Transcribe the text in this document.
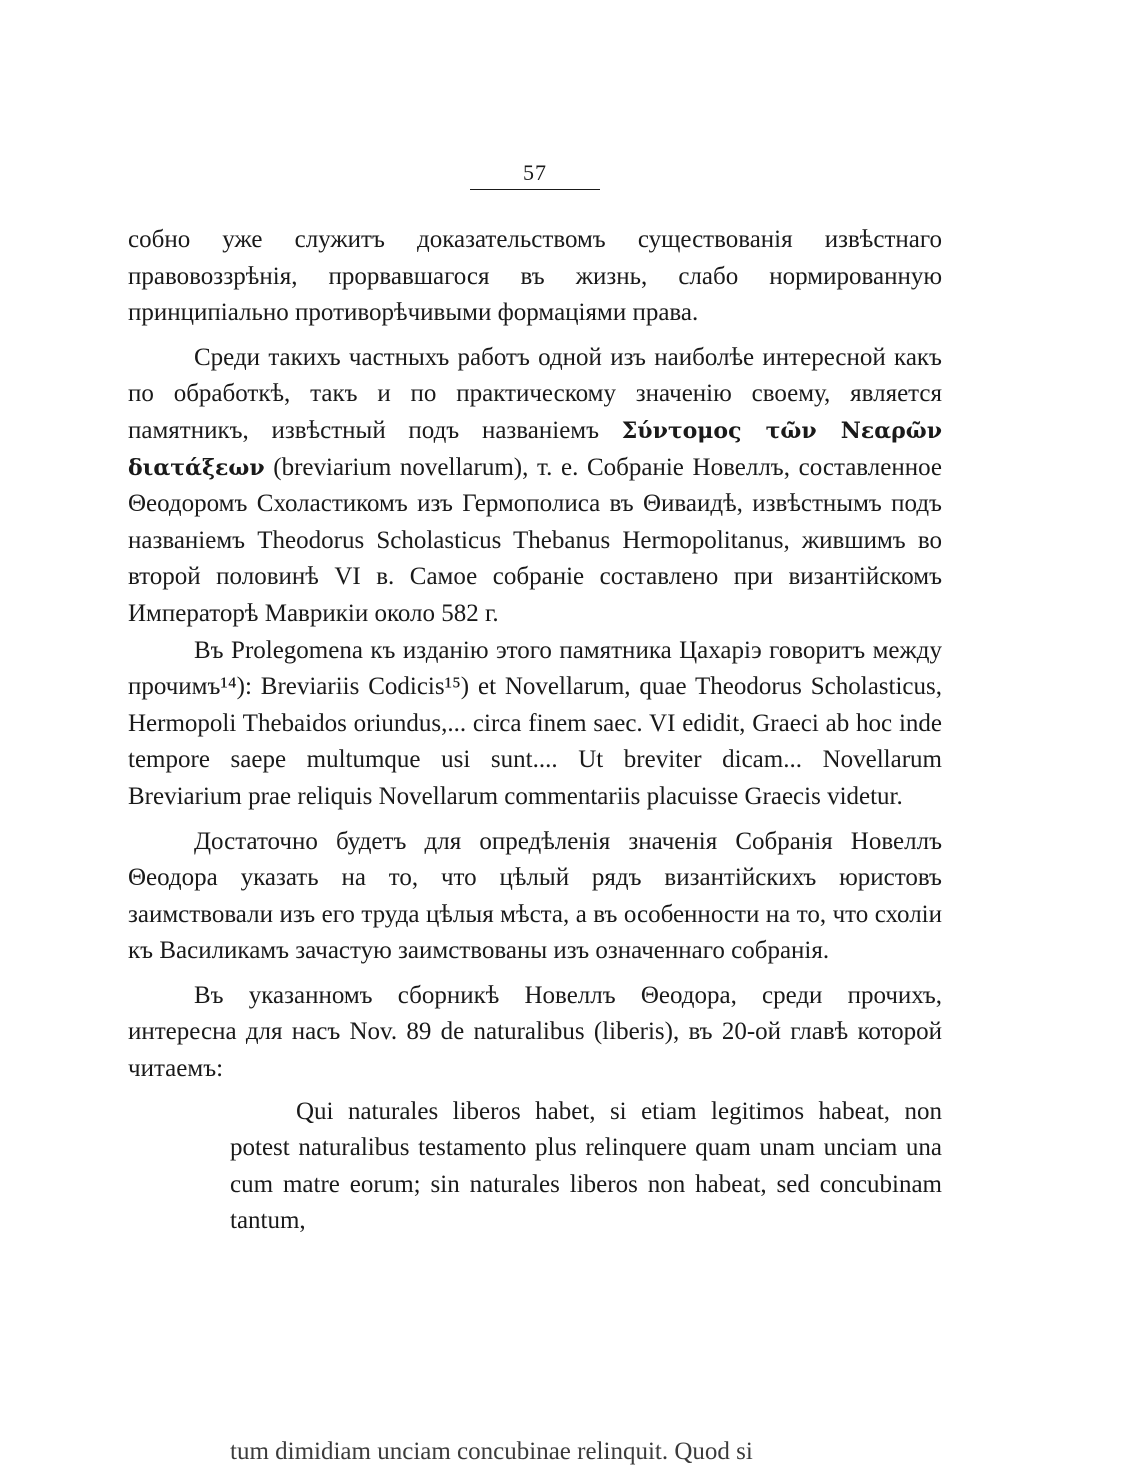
57

собно уже служитъ доказательствомъ существованія извѣстнаго правовоззрѣнія, прорвавшагося въ жизнь, слабо нормированную принципіально противорѣчивыми формаціями права.

Среди такихъ частныхъ работъ одной изъ наиболѣе интересной какъ по обработкѣ, такъ и по практическому значенію своему, является памятникъ, извѣстный подъ названіемъ Σύντομος τῶν Νεαρῶν διατάξεων (breviarium novellarum), т. е. Собраніе Новеллъ, составленное Θеодоромъ Схоластикомъ изъ Гермополиса въ Θиваидѣ, извѣстнымъ подъ названіемъ Theodorus Scholasticus Thebanus Hermopolitanus, жившимъ во второй половинѣ VI в. Самое собраніе составлено при византійскомъ Императорѣ Маврикіи около 582 г.

Въ Prolegomena къ изданію этого памятника Цахаріэ говоритъ между прочимъ¹⁴): Breviariis Codicis¹⁵) et Novellarum, quae Theodorus Scholasticus, Hermopoli Thebaidos oriundus,... circa finem saec. VI edidit, Graeci ab hoc inde tempore saepe multumque usi sunt.... Ut breviter dicam... Novellarum Breviarium prae reliquis Novellarum commentariis placuisse Graecis videtur.

Достаточно будетъ для опредѣленія значенія Собранія Новеллъ Θеодора указать на то, что цѣлый рядъ византійскихъ юристовъ заимствовали изъ его труда цѣлыя мѣста, а въ особенности на то, что схоліи къ Василикамъ зачастую заимствованы изъ означеннаго собранія.

Въ указанномъ сборникѣ Новеллъ Θеодора, среди прочихъ, интересна для насъ Nov. 89 de naturalibus (liberis), въ 20-ой главѣ которой читаемъ:

Qui naturales liberos habet, si etiam legitimos habeat, non potest naturalibus testamento plus relinquere quam unam unciam una cum matre eorum; sin naturales liberos non habeat, sed concubinam tantum,

tum dimidiam unciam concubinae relinquit. Quod si
